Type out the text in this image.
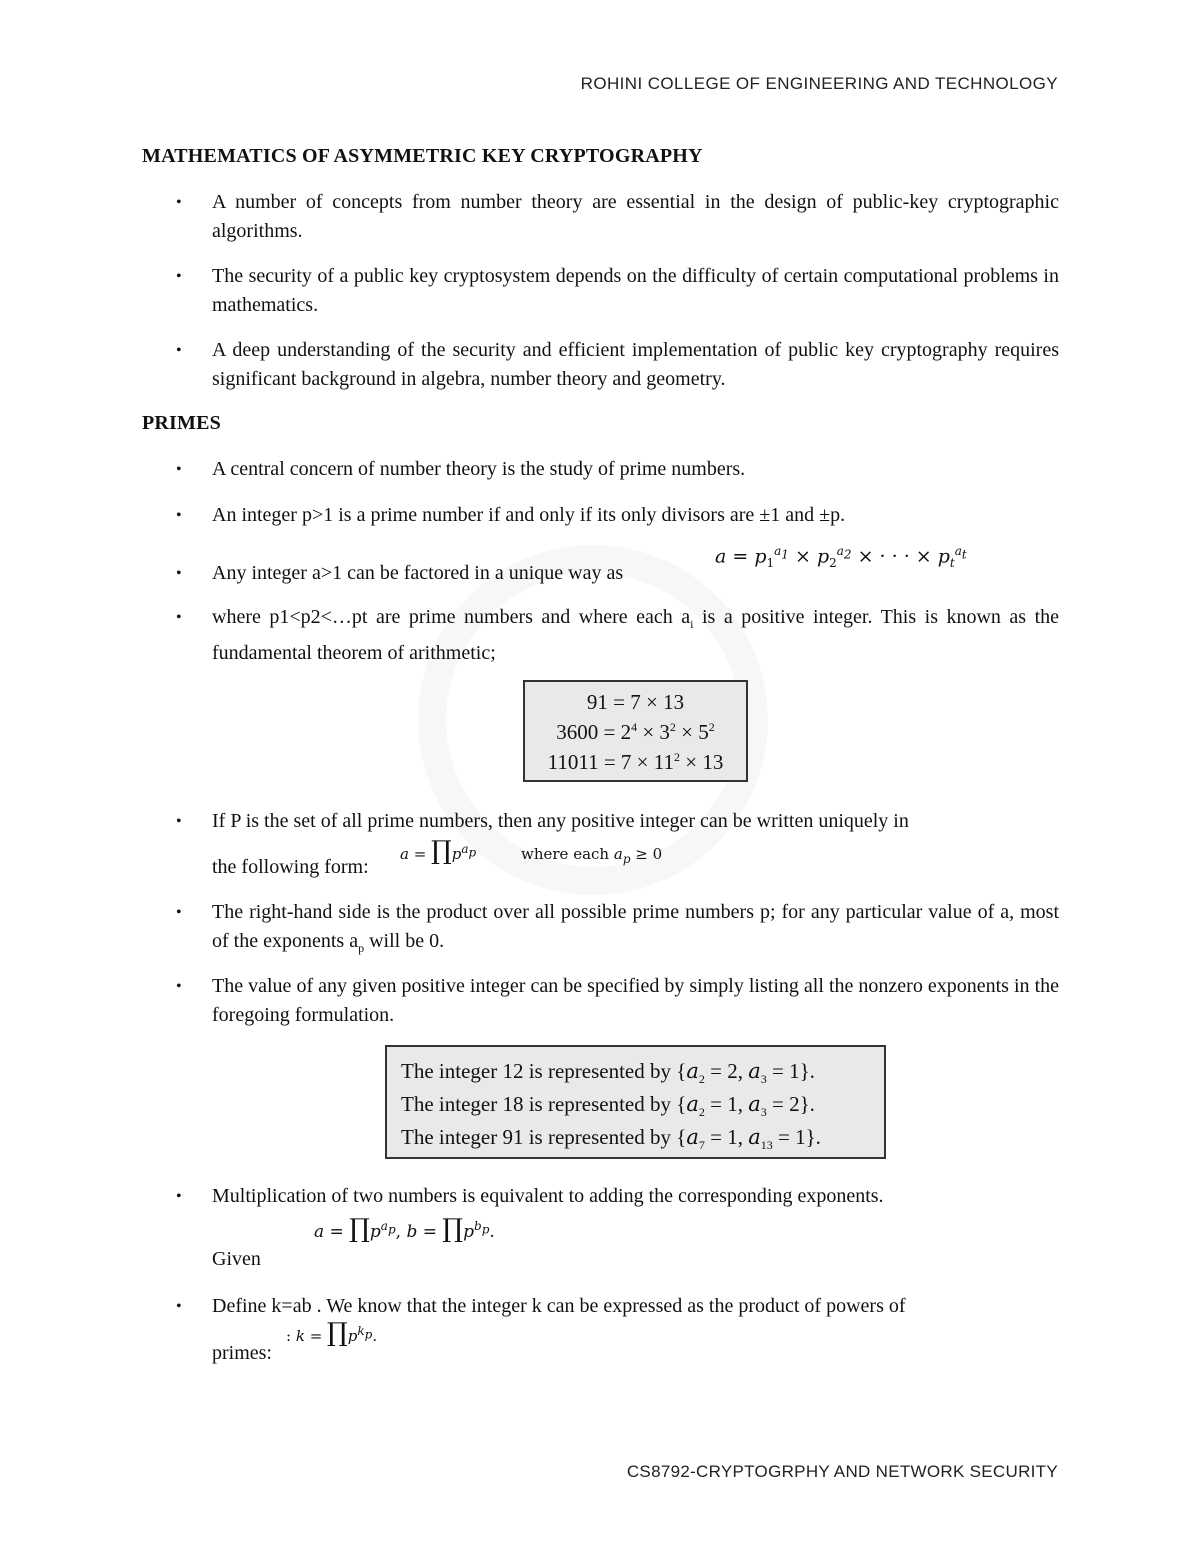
ROHINI COLLEGE OF ENGINEERING AND TECHNOLOGY
MATHEMATICS OF ASYMMETRIC KEY CRYPTOGRAPHY
•	A number of concepts from number theory are essential in the design of public-key cryptographic algorithms.
•	The security of a public key cryptosystem depends on the difficulty of certain computational problems in mathematics.
•	A deep understanding of the security and efficient implementation of public key cryptography requires significant background in algebra, number theory and geometry.
PRIMES
•	A central concern of number theory is the study of prime numbers.
•	An integer p>1 is a prime number if and only if its only divisors are ±1 and ±p.
•	Any integer a>1 can be factored in a unique way as
$a = p_1^{a_1} \times p_2^{a_2}$ × · · · × $p_t^{a_t}$
•	where p1<p2<…pt are prime numbers and where each $a_i$ is a positive integer. This is known as the fundamental theorem of arithmetic;
91 = 7 × 13
$3600 = 2^4 \times 3^2 \times 5^2$
$11011 = 7 \times 11^2 \times 13$
•	If P is the set of all prime numbers, then any positive integer can be written uniquely in
the following form:
$a = \prod p^{a_p}$	where each $a_p \ge 0$
•	The right-hand side is the product over all possible prime numbers p; for any particular value of a, most of the exponents $a_p$ will be 0.
•	The value of any given positive integer can be specified by simply listing all the nonzero exponents in the foregoing formulation.
The integer 12 is represented by {$a_2 = 2$, $a_3 = 1$}.
The integer 18 is represented by {$a_2 = 1$, $a_3 = 2$}.
The integer 91 is represented by {$a_7 = 1$, $a_{13} = 1$}.
•	Multiplication of two numbers is equivalent to adding the corresponding exponents.
Given
$a = \prod p^{a_p}$, $b = \prod p^{b_p}$.
•	Define k=ab . We know that the integer k can be expressed as the product of powers of
primes:
: $k = \prod p^{k_p}$.
CS8792-CRYPTOGRPHY AND NETWORK SECURITY
